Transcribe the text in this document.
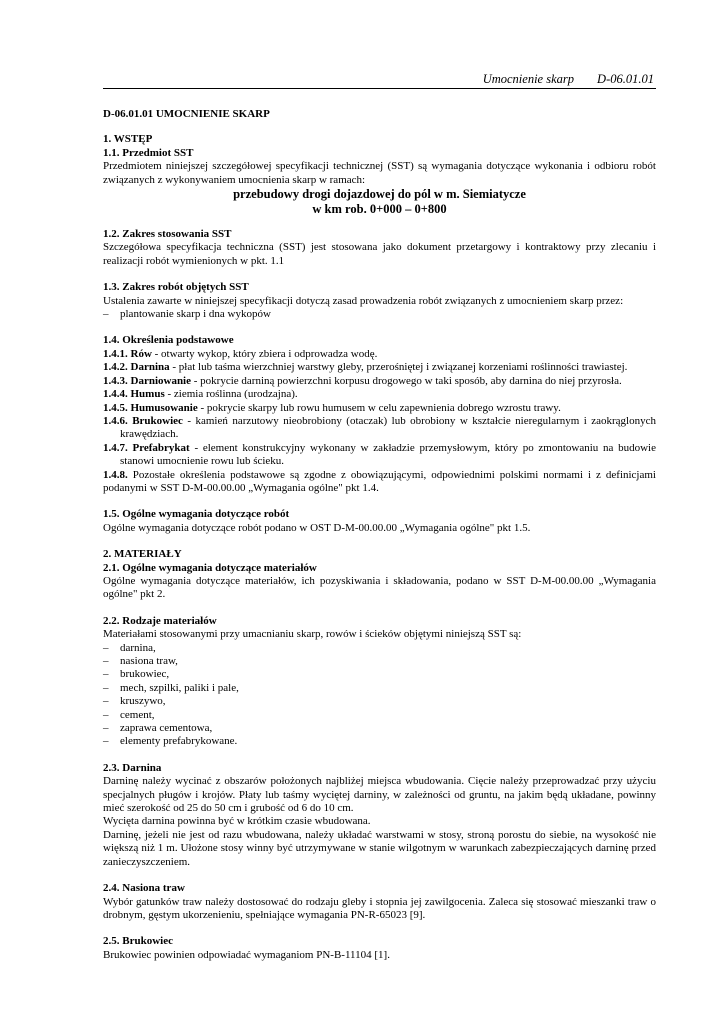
Umocnienie skarp D-06.01.01

D-06.01.01 UMOCNIENIE SKARP

1. WSTĘP

1.1. Przedmiot SST

Przedmiotem niniejszej szczegółowej specyfikacji technicznej (SST) są wymagania dotyczące wykonania i odbioru robót związanych z wykonywaniem umocnienia skarp w ramach:

przebudowy drogi dojazdowej do pól w m. Siemiatycze

w km rob. 0+000 – 0+800

1.2. Zakres stosowania SST

Szczegółowa specyfikacja techniczna (SST) jest stosowana jako dokument przetargowy i kontraktowy przy zlecaniu i realizacji robót wymienionych w pkt. 1.1

1.3. Zakres robót objętych SST

Ustalenia zawarte w niniejszej specyfikacji dotyczą zasad prowadzenia robót związanych z umocnieniem skarp przez:

– plantowanie skarp i dna wykopów

1.4. Określenia podstawowe

1.4.1. Rów - otwarty wykop, który zbiera i odprowadza wodę.

1.4.2. Darnina - płat lub taśma wierzchniej warstwy gleby, przerośniętej i związanej korzeniami roślinności trawiastej.

1.4.3. Darniowanie - pokrycie darniną powierzchni korpusu drogowego w taki sposób, aby darnina do niej przyrosła.

1.4.4. Humus - ziemia roślinna (urodzajna).

1.4.5. Humusowanie - pokrycie skarpy lub rowu humusem w celu zapewnienia dobrego wzrostu trawy.

1.4.6. Brukowiec - kamień narzutowy nieobrobiony (otaczak) lub obrobiony w kształcie nieregularnym i zaokrąglonych krawędziach.

1.4.7. Prefabrykat - element konstrukcyjny wykonany w zakładzie przemysłowym, który po zmontowaniu na budowie stanowi umocnienie rowu lub ścieku.

1.4.8. Pozostałe określenia podstawowe są zgodne z obowiązującymi, odpowiednimi polskimi normami i z definicjami podanymi w SST D-M-00.00.00 „Wymagania ogólne" pkt 1.4.

1.5. Ogólne wymagania dotyczące robót

Ogólne wymagania dotyczące robót podano w OST D-M-00.00.00 „Wymagania ogólne" pkt 1.5.

2. MATERIAŁY

2.1. Ogólne wymagania dotyczące materiałów

Ogólne wymagania dotyczące materiałów, ich pozyskiwania i składowania, podano w SST D-M-00.00.00 „Wymagania ogólne" pkt 2.

2.2. Rodzaje materiałów

Materiałami stosowanymi przy umacnianiu skarp, rowów i ścieków objętymi niniejszą SST są:

– darnina,
– nasiona traw,
– brukowiec,
– mech, szpilki, paliki i pale,
– kruszywo,
– cement,
– zaprawa cementowa,
– elementy prefabrykowane.

2.3. Darnina

Darninę należy wycinać z obszarów położonych najbliżej miejsca wbudowania. Cięcie należy przeprowadzać przy użyciu specjalnych pługów i krojów. Płaty lub taśmy wyciętej darniny, w zależności od gruntu, na jakim będą układane, powinny mieć szerokość od 25 do 50 cm i grubość od 6 do 10 cm.

Wycięta darnina powinna być w krótkim czasie wbudowana.

Darninę, jeżeli nie jest od razu wbudowana, należy układać warstwami w stosy, stroną porostu do siebie, na wysokość nie większą niż 1 m. Ułożone stosy winny być utrzymywane w stanie wilgotnym w warunkach zabezpieczających darninę przed zanieczyszczeniem.

2.4. Nasiona traw

Wybór gatunków traw należy dostosować do rodzaju gleby i stopnia jej zawilgocenia. Zaleca się stosować mieszanki traw o drobnym, gęstym ukorzenieniu, spełniające wymagania PN-R-65023 [9].

2.5. Brukowiec

Brukowiec powinien odpowiadać wymaganiom PN-B-11104 [1].
